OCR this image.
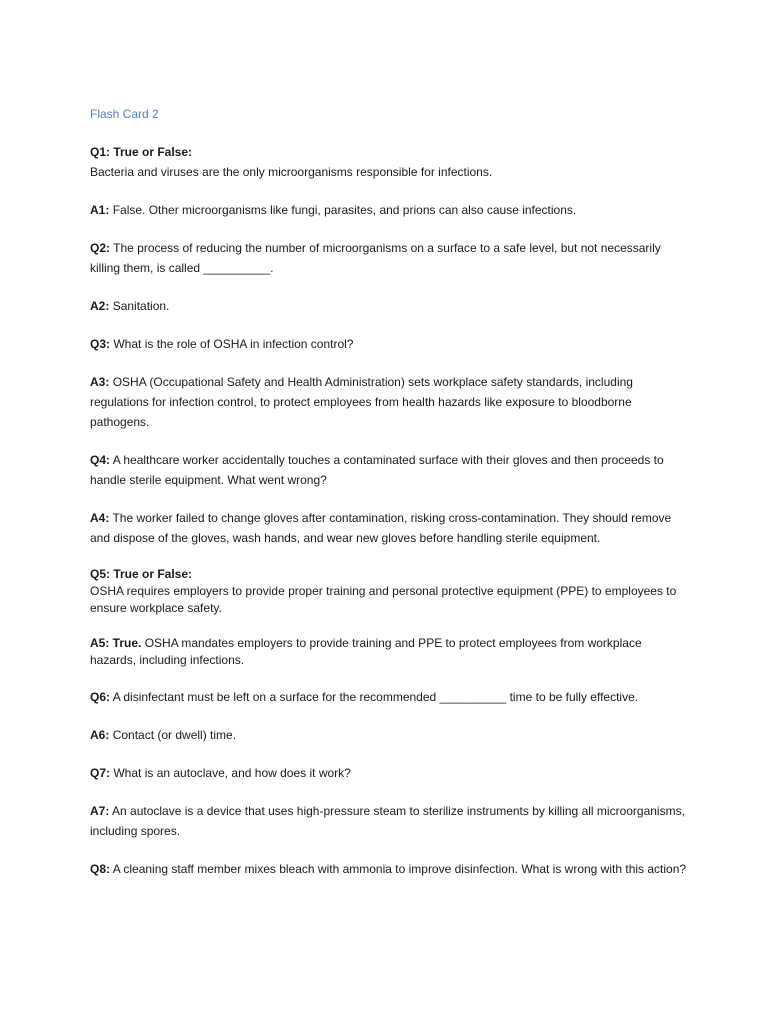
Flash Card 2
Q1: True or False:
Bacteria and viruses are the only microorganisms responsible for infections.
A1: False. Other microorganisms like fungi, parasites, and prions can also cause infections.
Q2: The process of reducing the number of microorganisms on a surface to a safe level, but not necessarily killing them, is called __________.
A2: Sanitation.
Q3: What is the role of OSHA in infection control?
A3: OSHA (Occupational Safety and Health Administration) sets workplace safety standards, including regulations for infection control, to protect employees from health hazards like exposure to bloodborne pathogens.
Q4: A healthcare worker accidentally touches a contaminated surface with their gloves and then proceeds to handle sterile equipment. What went wrong?
A4: The worker failed to change gloves after contamination, risking cross-contamination. They should remove and dispose of the gloves, wash hands, and wear new gloves before handling sterile equipment.
Q5: True or False:
OSHA requires employers to provide proper training and personal protective equipment (PPE) to employees to ensure workplace safety.
A5: True. OSHA mandates employers to provide training and PPE to protect employees from workplace hazards, including infections.
Q6: A disinfectant must be left on a surface for the recommended __________ time to be fully effective.
A6: Contact (or dwell) time.
Q7: What is an autoclave, and how does it work?
A7: An autoclave is a device that uses high-pressure steam to sterilize instruments by killing all microorganisms, including spores.
Q8: A cleaning staff member mixes bleach with ammonia to improve disinfection. What is wrong with this action?
